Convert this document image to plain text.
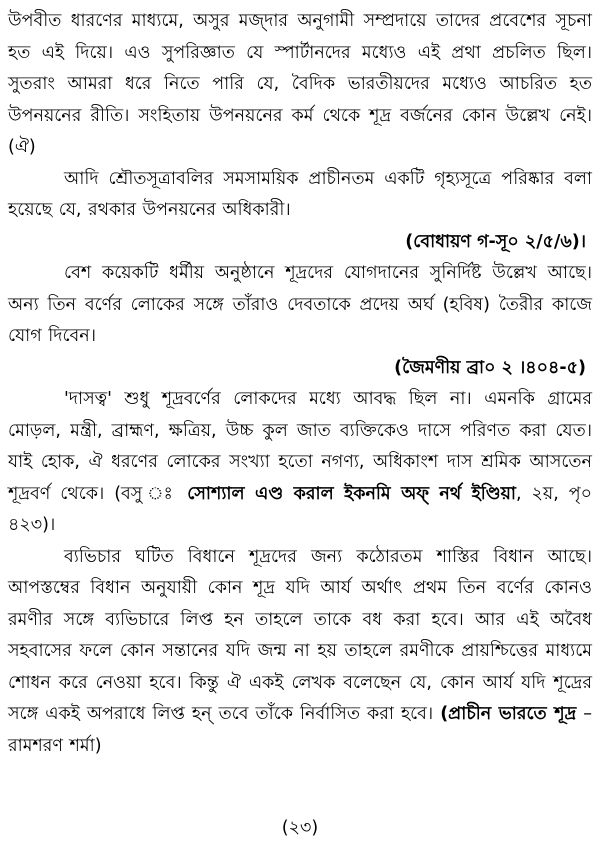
উপবীত ধারণের মাধ্যমে, অসুর মজ্দার অনুগামী সম্প্রদায়ে তাদের প্রবেশের সূচনা হত এই দিয়ে। এও সুপরিজ্ঞাত যে স্পার্টানদের মধ্যেও এই প্রথা প্রচলিত ছিল। সুতরাং আমরা ধরে নিতে পারি যে, বৈদিক ভারতীয়দের মধ্যেও আচরিত হত উপনয়নের রীতি। সংহিতায় উপনয়নের কর্ম থেকে শূদ্র বর্জনের কোন উল্লেখ নেই। (ঐ)

আদি শ্রৌতসূত্রাবলির সমসাময়িক প্রাচীনতম একটি গৃহ্যসূত্রে পরিষ্কার বলা হয়েছে যে, রথকার উপনয়নের অধিকারী।

(বোধায়ণ গ-সূ০ ২/৫/৬)।

বেশ কয়েকটি ধর্মীয় অনুষ্ঠানে শূদ্রদের যোগদানের সুনির্দিষ্ট উল্লেখ আছে। অন্য তিন বর্ণের লোকের সঙ্গে তাঁরাও দেবতাকে প্রদেয় অর্ঘ (হবিষ) তৈরীর কাজে যোগ দিবেন।

(জৈমণীয় ব্রা০ ২ ।৪০৪-৫)

'দাসত্ব' শুধু শূদ্রবর্ণের লোকদের মধ্যে আবদ্ধ ছিল না। এমনকি গ্রামের মোড়ল, মন্ত্রী, ব্রাহ্মণ, ক্ষত্রিয়, উচ্চ কুল জাত ব্যক্তিকেও দাসে পরিণত করা যেত। যাই হোক, ঐ ধরণের লোকের সংখ্যা হতো নগণ্য, অধিকাংশ দাস শ্রমিক আসতেন শূদ্রবর্ণ থেকে। (বসু ঃ সোশ্যাল এণ্ড করাল ইকনমি অফ্ নর্থ ইণ্ডিয়া, ২য়, পৃ০ ৪২৩)।

ব্যভিচার ঘটিত বিধানে শূদ্রদের জন্য কঠোরতম শাস্তির বিধান আছে। আপস্তম্বের বিধান অনুযায়ী কোন শূদ্র যদি আর্য অর্থাৎ প্রথম তিন বর্ণের কোনও রমণীর সঙ্গে ব্যভিচারে লিপ্ত হন তাহলে তাকে বধ করা হবে। আর এই অবৈধ সহবাসের ফলে কোন সন্তানের যদি জন্ম না হয় তাহলে রমণীকে প্রায়শ্চিত্তের মাধ্যমে শোধন করে নেওয়া হবে। কিন্তু ঐ একই লেখক বলেছেন যে, কোন আর্য যদি শূদ্রের সঙ্গে একই অপরাধে লিপ্ত হন্ তবে তাঁকে নির্বাসিত করা হবে। (প্রাচীন ভারতে শূদ্র – রামশরণ শর্মা)

(২৩)
